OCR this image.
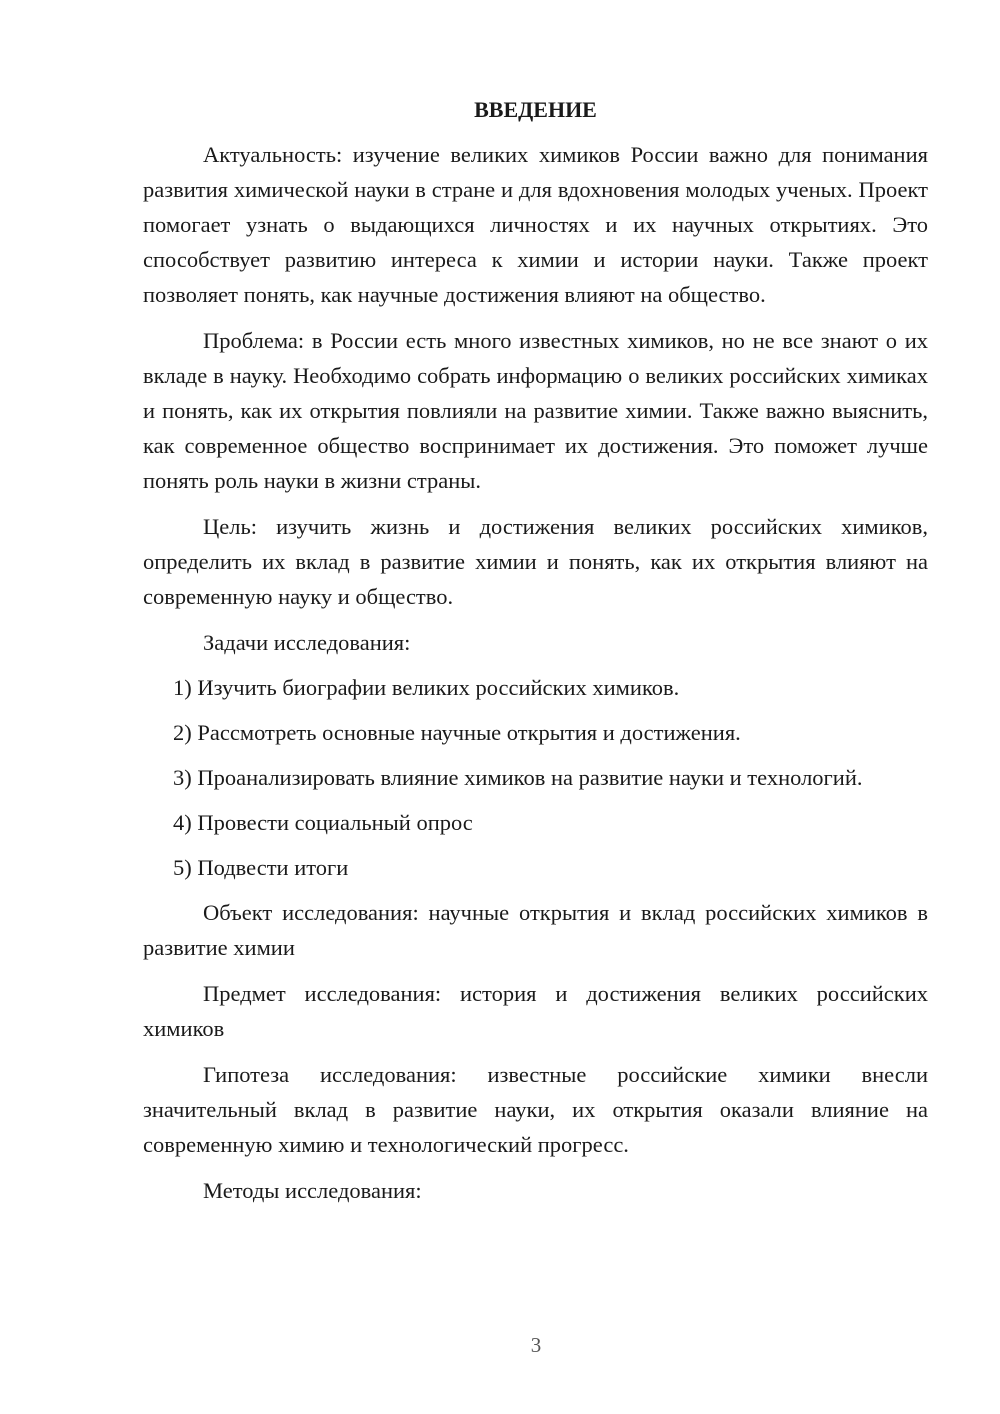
ВВЕДЕНИЕ

Актуальность: изучение великих химиков России важно для понимания развития химической науки в стране и для вдохновения молодых ученых. Проект помогает узнать о выдающихся личностях и их научных открытиях. Это способствует развитию интереса к химии и истории науки. Также проект позволяет понять, как научные достижения влияют на общество.

Проблема: в России есть много известных химиков, но не все знают о их вкладе в науку. Необходимо собрать информацию о великих российских химиках и понять, как их открытия повлияли на развитие химии. Также важно выяснить, как современное общество воспринимает их достижения. Это поможет лучше понять роль науки в жизни страны.

Цель: изучить жизнь и достижения великих российских химиков, определить их вклад в развитие химии и понять, как их открытия влияют на современную науку и общество.

Задачи исследования:

1) Изучить биографии великих российских химиков.

2) Рассмотреть основные научные открытия и достижения.

3) Проанализировать влияние химиков на развитие науки и технологий.

4) Провести социальный опрос

5) Подвести итоги

Объект исследования: научные открытия и вклад российских химиков в развитие химии

Предмет исследования: история и достижения великих российских химиков

Гипотеза исследования: известные российские химики внесли значительный вклад в развитие науки, их открытия оказали влияние на современную химию и технологический прогресс.

Методы исследования:

3
